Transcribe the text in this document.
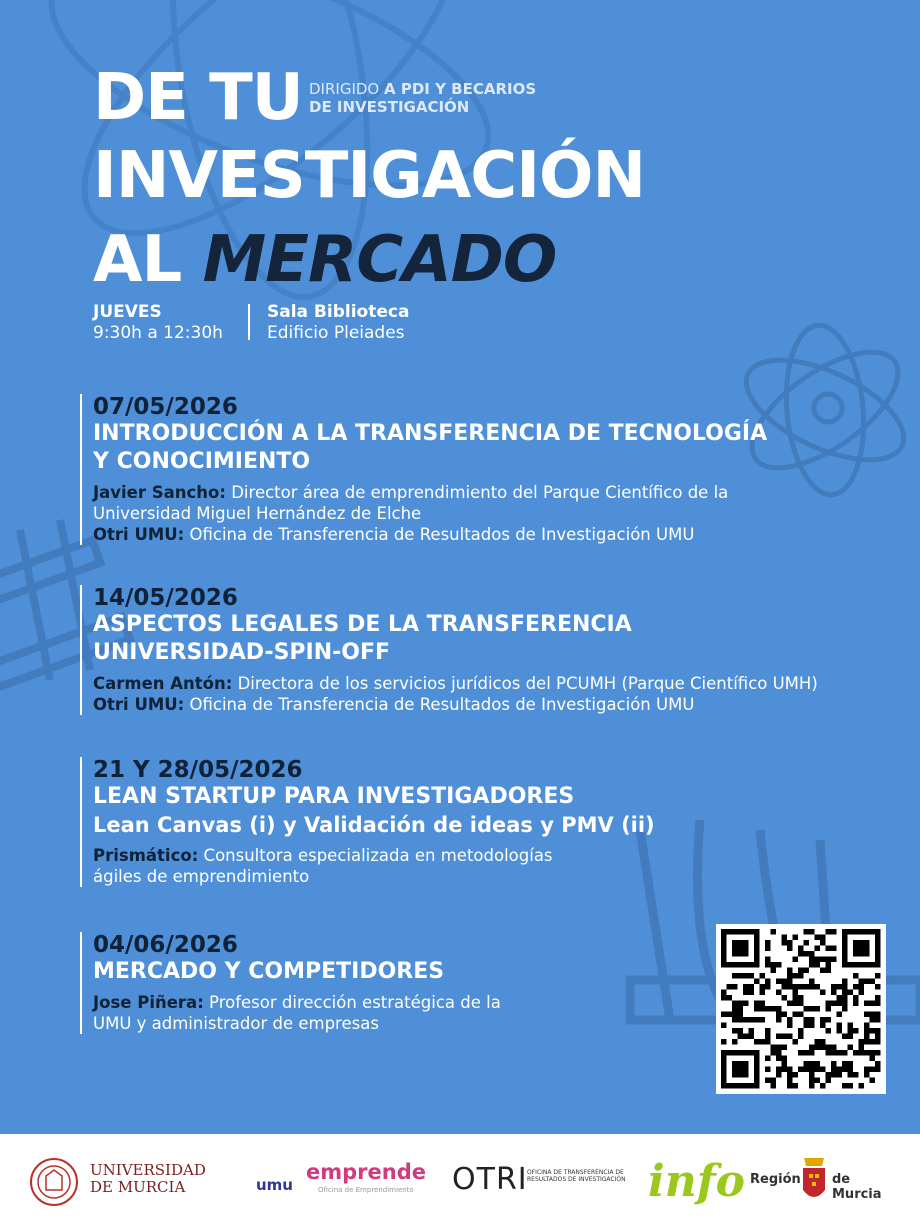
DE TU DIRIGIDO A PDI Y BECARIOS
DE INVESTIGACIÓN
INVESTIGACIÓN
AL MERCADO
JUEVES
9:30h a 12:30h
Sala Biblioteca
Edificio Pleiades
07/05/2026
INTRODUCCIÓN A LA TRANSFERENCIA DE TECNOLOGÍA
Y CONOCIMIENTO
Javier Sancho: Director área de emprendimiento del Parque Científico de la
Universidad Miguel Hernández de Elche
Otri UMU: Oficina de Transferencia de Resultados de Investigación UMU
14/05/2026
ASPECTOS LEGALES DE LA TRANSFERENCIA
UNIVERSIDAD-SPIN-OFF
Carmen Antón: Directora de los servicios jurídicos del PCUMH (Parque Científico UMH)
Otri UMU: Oficina de Transferencia de Resultados de Investigación UMU
21 Y 28/05/2026
LEAN STARTUP PARA INVESTIGADORES
Lean Canvas (i) y Validación de ideas y PMV (ii)
Prismático: Consultora especializada en metodologías
ágiles de emprendimiento
04/06/2026
MERCADO Y COMPETIDORES
Jose Piñera: Profesor dirección estratégica de la
UMU y administrador de empresas
UNIVERSIDAD
DE MURCIA	umu
emprende
Oficina de Emprendimiento OTRI OFICINA DE TRANSFERENCIA DE RESULTADOS DE INVESTIGACIÓN info Región de Murcia
